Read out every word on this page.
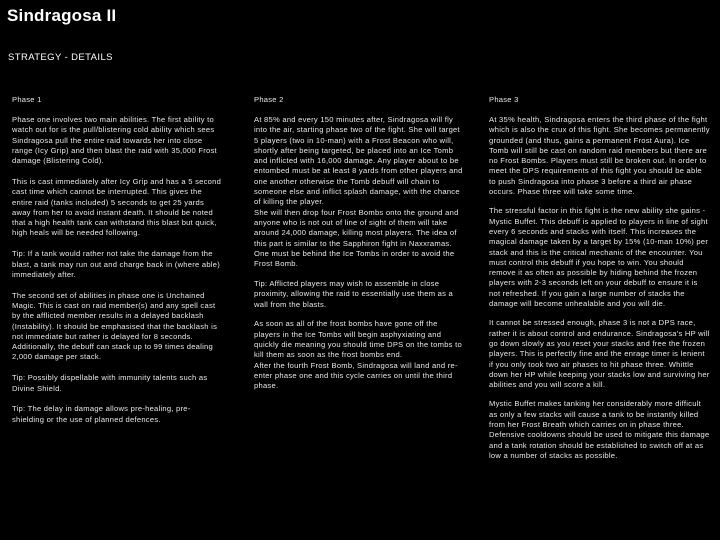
Sindragosa II
STRATEGY - DETAILS
Phase 1

Phase one involves two main abilities. The first ability to watch out for is the pull/blistering cold ability which sees Sindragosa pull the entire raid towards her into close range (Icy Grip) and then blast the raid with 35,000 Frost damage (Blistering Cold).

This is cast immediately after Icy Grip and has a 5 second cast time which cannot be interrupted. This gives the entire raid (tanks included) 5 seconds to get 25 yards away from her to avoid instant death. It should be noted that a high health tank can withstand this blast but quick, high heals will be needed following.

Tip: If a tank would rather not take the damage from the blast, a tank may run out and charge back in (where able) immediately after.

The second set of abilities in phase one is Unchained Magic. This is cast on raid member(s) and any spell cast by the afflicted member results in a delayed backlash (Instability). It should be emphasised that the backlash is not immediate but rather is delayed for 8 seconds. Additionally, the debuff can stack up to 99 times dealing 2,000 damage per stack.

Tip: Possibly dispellable with immunity talents such as Divine Shield.

Tip: The delay in damage allows pre-healing, pre-shielding or the use of planned defences.

Phase 2

At 85% and every 150 minutes after, Sindragosa will fly into the air, starting phase two of the fight. She will target 5 players (two in 10-man) with a Frost Beacon who will, shortly after being targeted, be placed into an Ice Tomb and inflicted with 16,000 damage. Any player about to be entombed must be at least 8 yards from other players and one another otherwise the Tomb debuff will chain to someone else and inflict splash damage, with the chance of killing the player.

She will then drop four Frost Bombs onto the ground and anyone who is not out of line of sight of them will take around 24,000 damage, killing most players. The idea of this part is similar to the Sapphiron fight in Naxxramas. One must be behind the Ice Tombs in order to avoid the Frost Bomb.

Tip: Afflicted players may wish to assemble in close proximity, allowing the raid to essentially use them as a wall from the blasts.

As soon as all of the frost bombs have gone off the players in the Ice Tombs will begin asphyxiating and quickly die meaning you should time DPS on the tombs to kill them as soon as the frost bombs end.

After the fourth Frost Bomb, Sindragosa will land and re-enter phase one and this cycle carries on until the third phase.

Phase 3

At 35% health, Sindragosa enters the third phase of the fight which is also the crux of this fight. She becomes permanently grounded (and thus, gains a permanent Frost Aura). Ice Tomb will still be cast on random raid members but there are no Frost Bombs. Players must still be broken out. In order to meet the DPS requirements of this fight you should be able to push Sindragosa into phase 3 before a third air phase occurs. Phase three will take some time.

The stressful factor in this fight is the new ability she gains - Mystic Buffet. This debuff is applied to players in line of sight every 6 seconds and stacks with itself. This increases the magical damage taken by a target by 15% (10-man 10%) per stack and this is the critical mechanic of the encounter. You must control this debuff if you hope to win. You should remove it as often as possible by hiding behind the frozen players with 2-3 seconds left on your debuff to ensure it is not refreshed. If you gain a large number of stacks the damage will become unhealable and you will die.

It cannot be stressed enough, phase 3 is not a DPS race, rather it is about control and endurance. Sindragosa's HP will go down slowly as you reset your stacks and free the frozen players. This is perfectly fine and the enrage timer is lenient if you only took two air phases to hit phase three. Whittle down her HP while keeping your stacks low and surviving her abilities and you will score a kill.

Mystic Buffet makes tanking her considerably more difficult as only a few stacks will cause a tank to be instantly killed from her Frost Breath which carries on in phase three. Defensive cooldowns should be used to mitigate this damage and a tank rotation should be established to switch off at as low a number of stacks as possible.
